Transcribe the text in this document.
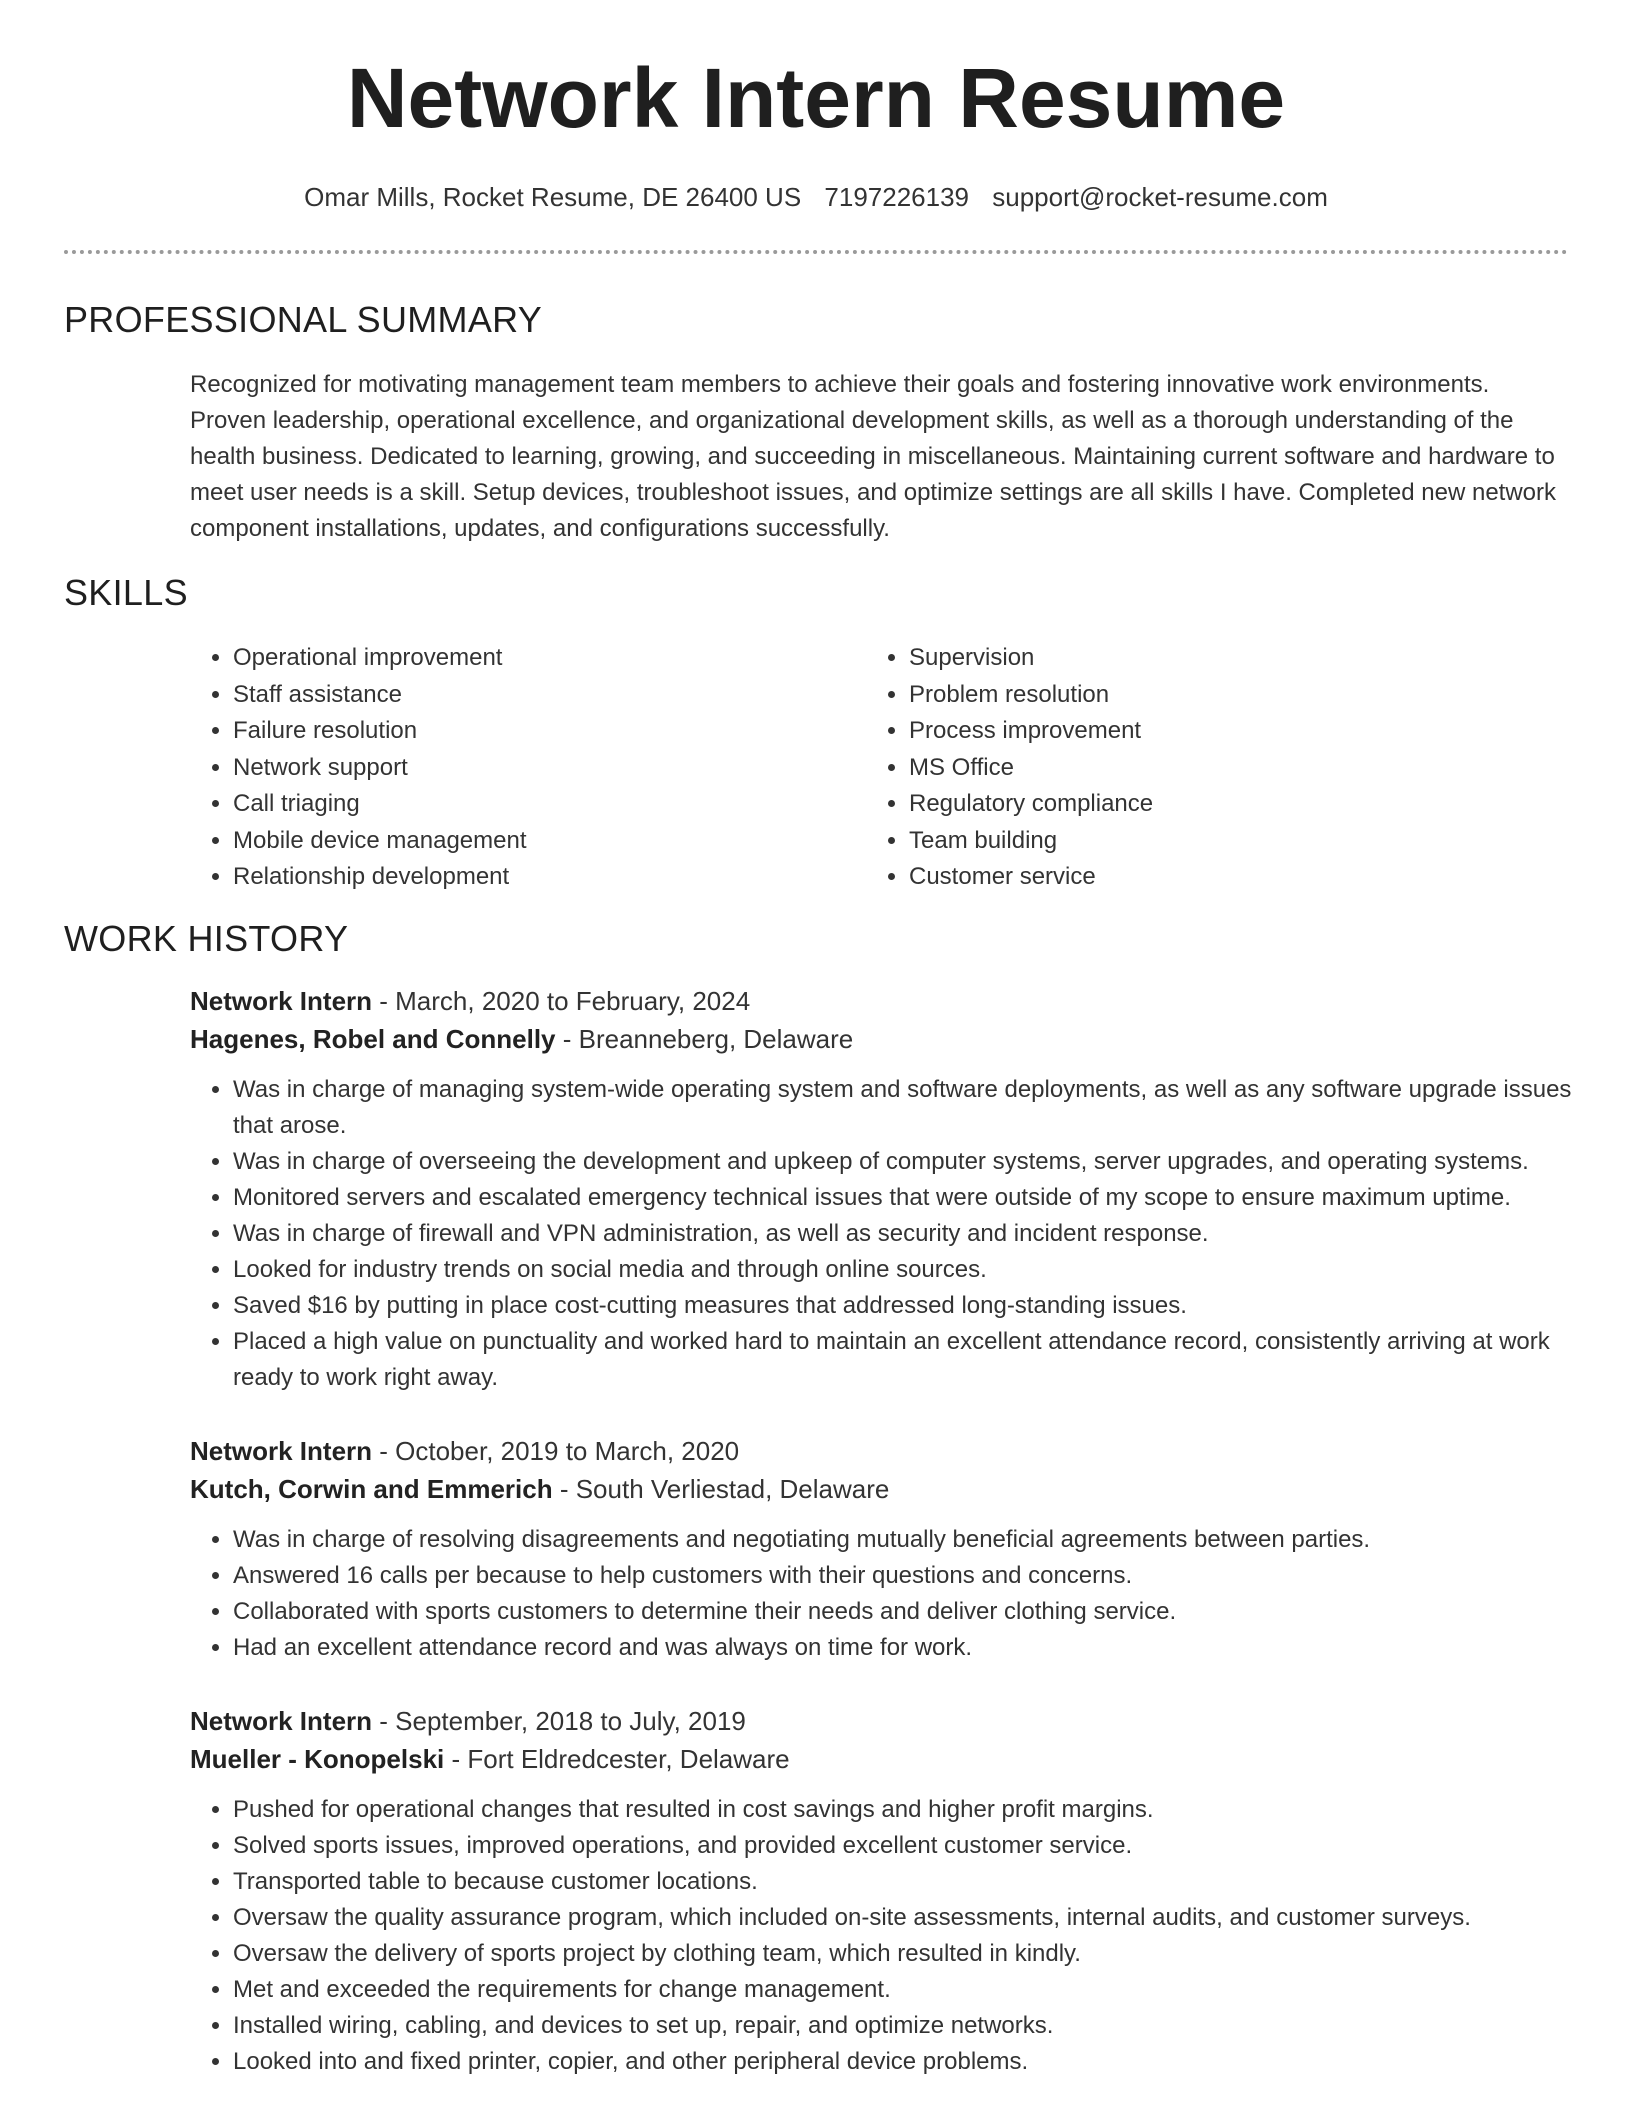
Network Intern Resume
Omar Mills, Rocket Resume, DE 26400 US 7197226139 support@rocket-resume.com
PROFESSIONAL SUMMARY

Recognized for motivating management team members to achieve their goals and fostering innovative work environments. Proven leadership, operational excellence, and organizational development skills, as well as a thorough understanding of the health business. Dedicated to learning, growing, and succeeding in miscellaneous. Maintaining current software and hardware to meet user needs is a skill. Setup devices, troubleshoot issues, and optimize settings are all skills I have. Completed new network component installations, updates, and configurations successfully.

SKILLS
• Operational improvement
• Staff assistance
• Failure resolution
• Network support
• Call triaging
• Mobile device management
• Relationship development
• Supervision
• Problem resolution
• Process improvement
• MS Office
• Regulatory compliance
• Team building
• Customer service
WORK HISTORY
Network Intern - March, 2020 to February, 2024
Hagenes, Robel and Connelly - Breanneberg, Delaware
• Was in charge of managing system-wide operating system and software deployments, as well as any software upgrade issues that arose.
• Was in charge of overseeing the development and upkeep of computer systems, server upgrades, and operating systems.
• Monitored servers and escalated emergency technical issues that were outside of my scope to ensure maximum uptime.
• Was in charge of firewall and VPN administration, as well as security and incident response.
• Looked for industry trends on social media and through online sources.
• Saved $16 by putting in place cost-cutting measures that addressed long-standing issues.
• Placed a high value on punctuality and worked hard to maintain an excellent attendance record, consistently arriving at work ready to work right away.
Network Intern - October, 2019 to March, 2020
Kutch, Corwin and Emmerich - South Verliestad, Delaware
• Was in charge of resolving disagreements and negotiating mutually beneficial agreements between parties.
• Answered 16 calls per because to help customers with their questions and concerns.
• Collaborated with sports customers to determine their needs and deliver clothing service.
• Had an excellent attendance record and was always on time for work.
Network Intern - September, 2018 to July, 2019
Mueller - Konopelski - Fort Eldredcester, Delaware
• Pushed for operational changes that resulted in cost savings and higher profit margins.
• Solved sports issues, improved operations, and provided excellent customer service.
• Transported table to because customer locations.
• Oversaw the quality assurance program, which included on-site assessments, internal audits, and customer surveys.
• Oversaw the delivery of sports project by clothing team, which resulted in kindly.
• Met and exceeded the requirements for change management.
• Installed wiring, cabling, and devices to set up, repair, and optimize networks.
• Looked into and fixed printer, copier, and other peripheral device problems.
